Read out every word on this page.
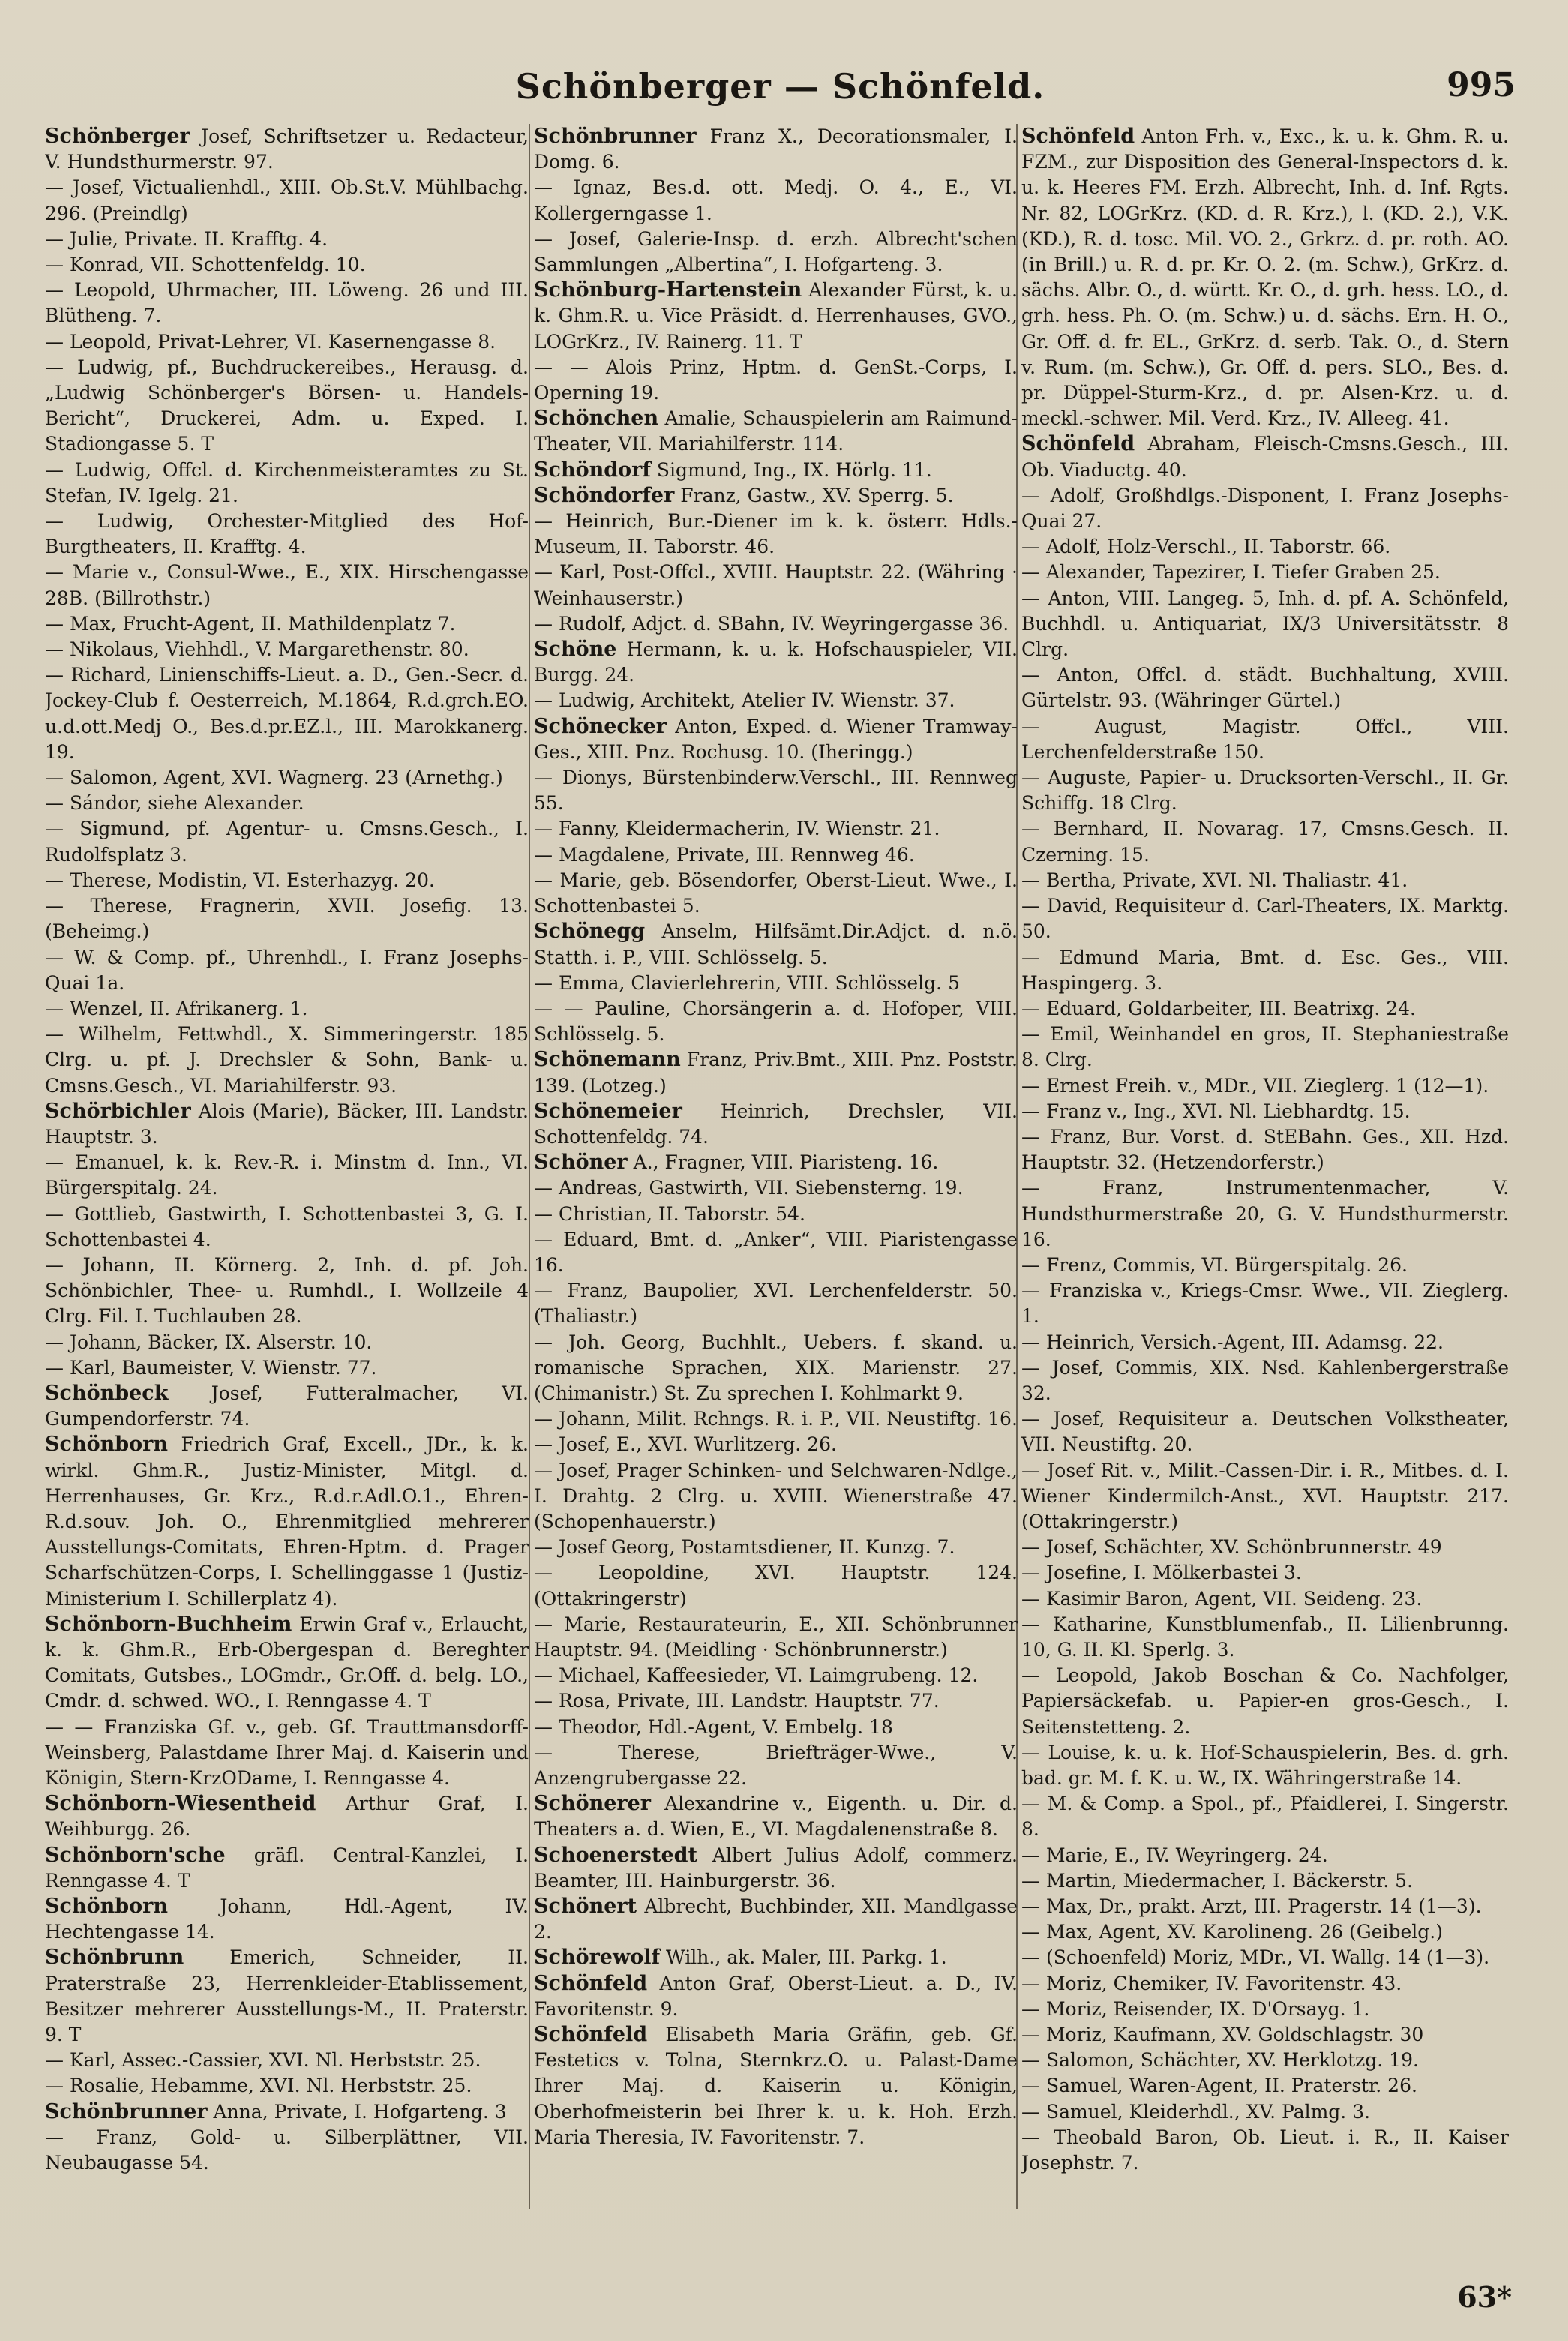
Schönberger — Schönfeld.	995

Schönberger Josef, Schriftsetzer u. Redacteur, V. Hundsthurmerstr. 97.

— Josef, Victualienhdl., XIII. Ob.St.V. Mühlbachg. 296. (Preindlg)

— Julie, Private. II. Krafftg. 4.

— Konrad, VII. Schottenfeldg. 10.

— Leopold, Uhrmacher, III. Löweng. 26 und III. Blütheng. 7.

— Leopold, Privat-Lehrer, VI. Kasernengasse 8.

— Ludwig, pf., Buchdruckereibes., Herausg. d. „Ludwig Schönberger's Börsen- u. Handels-Bericht“, Druckerei, Adm. u. Exped. I. Stadiongasse 5. T

— Ludwig, Offcl. d. Kirchenmeisteramtes zu St. Stefan, IV. Igelg. 21.

— Ludwig, Orchester-Mitglied des Hof-Burgtheaters, II. Krafftg. 4.

— Marie v., Consul-Wwe., E., XIX. Hirschengasse 28B. (Billrothstr.)

— Max, Frucht-Agent, II. Mathildenplatz 7.

— Nikolaus, Viehhdl., V. Margarethenstr. 80.

— Richard, Linienschiffs-Lieut. a. D., Gen.-Secr. d. Jockey-Club f. Oesterreich, M.1864, R.d.grch.EO. u.d.ott.Medj O., Bes.d.pr.EZ.l., III. Marokkanerg. 19.

— Salomon, Agent, XVI. Wagnerg. 23 (Arnethg.)

— Sándor, siehe Alexander.

— Sigmund, pf. Agentur- u. Cmsns.Gesch., I. Rudolfsplatz 3.

— Therese, Modistin, VI. Esterhazyg. 20.

— Therese, Fragnerin, XVII. Josefig. 13. (Beheimg.)

— W. & Comp. pf., Uhrenhdl., I. Franz Josephs-Quai 1a.

— Wenzel, II. Afrikanerg. 1.

— Wilhelm, Fettwhdl., X. Simmeringerstr. 185 Clrg. u. pf. J. Drechsler & Sohn, Bank- u. Cmsns.Gesch., VI. Mariahilferstr. 93.

Schörbichler Alois (Marie), Bäcker, III. Landstr. Hauptstr. 3.

— Emanuel, k. k. Rev.-R. i. Minstm d. Inn., VI. Bürgerspitalg. 24.

— Gottlieb, Gastwirth, I. Schottenbastei 3, G. I. Schottenbastei 4.

— Johann, II. Körnerg. 2, Inh. d. pf. Joh. Schönbichler, Thee- u. Rumhdl., I. Wollzeile 4 Clrg. Fil. I. Tuchlauben 28.

— Johann, Bäcker, IX. Alserstr. 10.

— Karl, Baumeister, V. Wienstr. 77.

Schönbeck Josef, Futteralmacher, VI. Gumpendorferstr. 74.

Schönborn Friedrich Graf, Excell., JDr., k. k. wirkl. Ghm.R., Justiz-Minister, Mitgl. d. Herrenhauses, Gr. Krz., R.d.r.Adl.O.1., Ehren-R.d.souv. Joh. O., Ehrenmitglied mehrerer Ausstellungs-Comitats, Ehren-Hptm. d. Prager Scharfschützen-Corps, I. Schellinggasse 1 (Justiz-Ministerium I. Schillerplatz 4).

Schönborn-Buchheim Erwin Graf v., Erlaucht, k. k. Ghm.R., Erb-Obergespan d. Bereghter Comitats, Gutsbes., LOGmdr., Gr.Off. d. belg. LO., Cmdr. d. schwed. WO., I. Renngasse 4. T

— — Franziska Gf. v., geb. Gf. Trauttmansdorff-Weinsberg, Palastdame Ihrer Maj. d. Kaiserin und Königin, Stern-KrzODame, I. Renngasse 4.

Schönborn-Wiesentheid Arthur Graf, I. Weihburgg. 26.

Schönborn'sche gräfl. Central-Kanzlei, I. Renngasse 4. T

Schönborn Johann, Hdl.-Agent, IV. Hechtengasse 14.

Schönbrunn Emerich, Schneider, II. Praterstraße 23, Herrenkleider-Etablissement, Besitzer mehrerer Ausstellungs-M., II. Praterstr. 9. T

— Karl, Assec.-Cassier, XVI. Nl. Herbststr. 25.

— Rosalie, Hebamme, XVI. Nl. Herbststr. 25.

Schönbrunner Anna, Private, I. Hofgarteng. 3

— Franz, Gold- u. Silberplättner, VII. Neubaugasse 54.

Schönbrunner Franz X., Decorationsmaler, I. Domg. 6.

— Ignaz, Bes.d. ott. Medj. O. 4., E., VI. Kollergerngasse 1.

— Josef, Galerie-Insp. d. erzh. Albrecht'schen Sammlungen „Albertina“, I. Hofgarteng. 3.

Schönburg-Hartenstein Alexander Fürst, k. u. k. Ghm.R. u. Vice Präsidt. d. Herrenhauses, GVO., LOGrKrz., IV. Rainerg. 11. T

— — Alois Prinz, Hptm. d. GenSt.-Corps, I. Operning 19.

Schönchen Amalie, Schauspielerin am Raimund-Theater, VII. Mariahilferstr. 114.

Schöndorf Sigmund, Ing., IX. Hörlg. 11.

Schöndorfer Franz, Gastw., XV. Sperrg. 5.

— Heinrich, Bur.-Diener im k. k. österr. Hdls.-Museum, II. Taborstr. 46.

— Karl, Post-Offcl., XVIII. Hauptstr. 22. (Währing · Weinhauserstr.)

— Rudolf, Adjct. d. SBahn, IV. Weyringergasse 36.

Schöne Hermann, k. u. k. Hofschauspieler, VII. Burgg. 24.

— Ludwig, Architekt, Atelier IV. Wienstr. 37.

Schönecker Anton, Exped. d. Wiener Tramway-Ges., XIII. Pnz. Rochusg. 10. (Iheringg.)

— Dionys, Bürstenbinderw.Verschl., III. Rennweg 55.

— Fanny, Kleidermacherin, IV. Wienstr. 21.

— Magdalene, Private, III. Rennweg 46.

— Marie, geb. Bösendorfer, Oberst-Lieut. Wwe., I. Schottenbastei 5.

Schönegg Anselm, Hilfsämt.Dir.Adjct. d. n.ö. Statth. i. P., VIII. Schlösselg. 5.

— Emma, Clavierlehrerin, VIII. Schlösselg. 5

— — Pauline, Chorsängerin a. d. Hofoper, VIII. Schlösselg. 5.

Schönemann Franz, Priv.Bmt., XIII. Pnz. Poststr. 139. (Lotzeg.)

Schönemeier Heinrich, Drechsler, VII. Schottenfeldg. 74.

Schöner A., Fragner, VIII. Piaristeng. 16.

— Andreas, Gastwirth, VII. Siebensterng. 19.

— Christian, II. Taborstr. 54.

— Eduard, Bmt. d. „Anker“, VIII. Piaristengasse 16.

— Franz, Baupolier, XVI. Lerchenfelderstr. 50. (Thaliastr.)

— Joh. Georg, Buchhlt., Uebers. f. skand. u. romanische Sprachen, XIX. Marienstr. 27. (Chimanistr.) St. Zu sprechen I. Kohlmarkt 9.

— Johann, Milit. Rchngs. R. i. P., VII. Neustiftg. 16.

— Josef, E., XVI. Wurlitzerg. 26.

— Josef, Prager Schinken- und Selchwaren-Ndlge., I. Drahtg. 2 Clrg. u. XVIII. Wienerstraße 47. (Schopenhauerstr.)

— Josef Georg, Postamtsdiener, II. Kunzg. 7.

— Leopoldine, XVI. Hauptstr. 124. (Ottakringerstr)

— Marie, Restaurateurin, E., XII. Schönbrunner Hauptstr. 94. (Meidling · Schönbrunnerstr.)

— Michael, Kaffeesieder, VI. Laimgrubeng. 12.

— Rosa, Private, III. Landstr. Hauptstr. 77.

— Theodor, Hdl.-Agent, V. Embelg. 18

— Therese, Briefträger-Wwe., V. Anzengrubergasse 22.

Schönerer Alexandrine v., Eigenth. u. Dir. d. Theaters a. d. Wien, E., VI. Magdalenenstraße 8.

Schoenerstedt Albert Julius Adolf, commerz. Beamter, III. Hainburgerstr. 36.

Schönert Albrecht, Buchbinder, XII. Mandlgasse 2.

Schörewolf Wilh., ak. Maler, III. Parkg. 1.

Schönfeld Anton Graf, Oberst-Lieut. a. D., IV. Favoritenstr. 9.

Schönfeld Elisabeth Maria Gräfin, geb. Gf. Festetics v. Tolna, Sternkrz.O. u. Palast-Dame Ihrer Maj. d. Kaiserin u. Königin, Oberhofmeisterin bei Ihrer k. u. k. Hoh. Erzh. Maria Theresia, IV. Favoritenstr. 7.

Schönfeld Anton Frh. v., Exc., k. u. k. Ghm. R. u. FZM., zur Disposition des General-Inspectors d. k. u. k. Heeres FM. Erzh. Albrecht, Inh. d. Inf. Rgts. Nr. 82, LOGrKrz. (KD. d. R. Krz.), l. (KD. 2.), V.K. (KD.), R. d. tosc. Mil. VO. 2., Grkrz. d. pr. roth. AO. (in Brill.) u. R. d. pr. Kr. O. 2. (m. Schw.), GrKrz. d. sächs. Albr. O., d. württ. Kr. O., d. grh. hess. LO., d. grh. hess. Ph. O. (m. Schw.) u. d. sächs. Ern. H. O., Gr. Off. d. fr. EL., GrKrz. d. serb. Tak. O., d. Stern v. Rum. (m. Schw.), Gr. Off. d. pers. SLO., Bes. d. pr. Düppel-Sturm-Krz., d. pr. Alsen-Krz. u. d. meckl.-schwer. Mil. Verd. Krz., IV. Alleeg. 41.

Schönfeld Abraham, Fleisch-Cmsns.Gesch., III. Ob. Viaductg. 40.

— Adolf, Großhdlgs.-Disponent, I. Franz Josephs-Quai 27.

— Adolf, Holz-Verschl., II. Taborstr. 66.

— Alexander, Tapezirer, I. Tiefer Graben 25.

— Anton, VIII. Langeg. 5, Inh. d. pf. A. Schönfeld, Buchhdl. u. Antiquariat, IX/3 Universitätsstr. 8 Clrg.

— Anton, Offcl. d. städt. Buchhaltung, XVIII. Gürtelstr. 93. (Währinger Gürtel.)

— August, Magistr. Offcl., VIII. Lerchenfelderstraße 150.

— Auguste, Papier- u. Drucksorten-Verschl., II. Gr. Schiffg. 18 Clrg.

— Bernhard, II. Novarag. 17, Cmsns.Gesch. II. Czerning. 15.

— Bertha, Private, XVI. Nl. Thaliastr. 41.

— David, Requisiteur d. Carl-Theaters, IX. Marktg. 50.

— Edmund Maria, Bmt. d. Esc. Ges., VIII. Haspingerg. 3.

— Eduard, Goldarbeiter, III. Beatrixg. 24.

— Emil, Weinhandel en gros, II. Stephaniestraße 8. Clrg.

— Ernest Freih. v., MDr., VII. Zieglerg. 1 (12—1).

— Franz v., Ing., XVI. Nl. Liebhardtg. 15.

— Franz, Bur. Vorst. d. StEBahn. Ges., XII. Hzd. Hauptstr. 32. (Hetzendorferstr.)

— Franz, Instrumentenmacher, V. Hundsthurmerstraße 20, G. V. Hundsthurmerstr. 16.

— Frenz, Commis, VI. Bürgerspitalg. 26.

— Franziska v., Kriegs-Cmsr. Wwe., VII. Zieglerg. 1.

— Heinrich, Versich.-Agent, III. Adamsg. 22.

— Josef, Commis, XIX. Nsd. Kahlenbergerstraße 32.

— Josef, Requisiteur a. Deutschen Volkstheater, VII. Neustiftg. 20.

— Josef Rit. v., Milit.-Cassen-Dir. i. R., Mitbes. d. I. Wiener Kindermilch-Anst., XVI. Hauptstr. 217. (Ottakringerstr.)

— Josef, Schächter, XV. Schönbrunnerstr. 49

— Josefine, I. Mölkerbastei 3.

— Kasimir Baron, Agent, VII. Seideng. 23.

— Katharine, Kunstblumenfab., II. Lilienbrunng. 10, G. II. Kl. Sperlg. 3.

— Leopold, Jakob Boschan & Co. Nachfolger, Papiersäckefab. u. Papier-en gros-Gesch., I. Seitenstetteng. 2.

— Louise, k. u. k. Hof-Schauspielerin, Bes. d. grh. bad. gr. M. f. K. u. W., IX. Währingerstraße 14.

— M. & Comp. a Spol., pf., Pfaidlerei, I. Singerstr. 8.

— Marie, E., IV. Weyringerg. 24.

— Martin, Miedermacher, I. Bäckerstr. 5.

— Max, Dr., prakt. Arzt, III. Pragerstr. 14 (1—3).

— Max, Agent, XV. Karolineng. 26 (Geibelg.)

— (Schoenfeld) Moriz, MDr., VI. Wallg. 14 (1—3).

— Moriz, Chemiker, IV. Favoritenstr. 43.

— Moriz, Reisender, IX. D'Orsayg. 1.

— Moriz, Kaufmann, XV. Goldschlagstr. 30

— Salomon, Schächter, XV. Herklotzg. 19.

— Samuel, Waren-Agent, II. Praterstr. 26.

— Samuel, Kleiderhdl., XV. Palmg. 3.

— Theobald Baron, Ob. Lieut. i. R., II. Kaiser Josephstr. 7.

63*
